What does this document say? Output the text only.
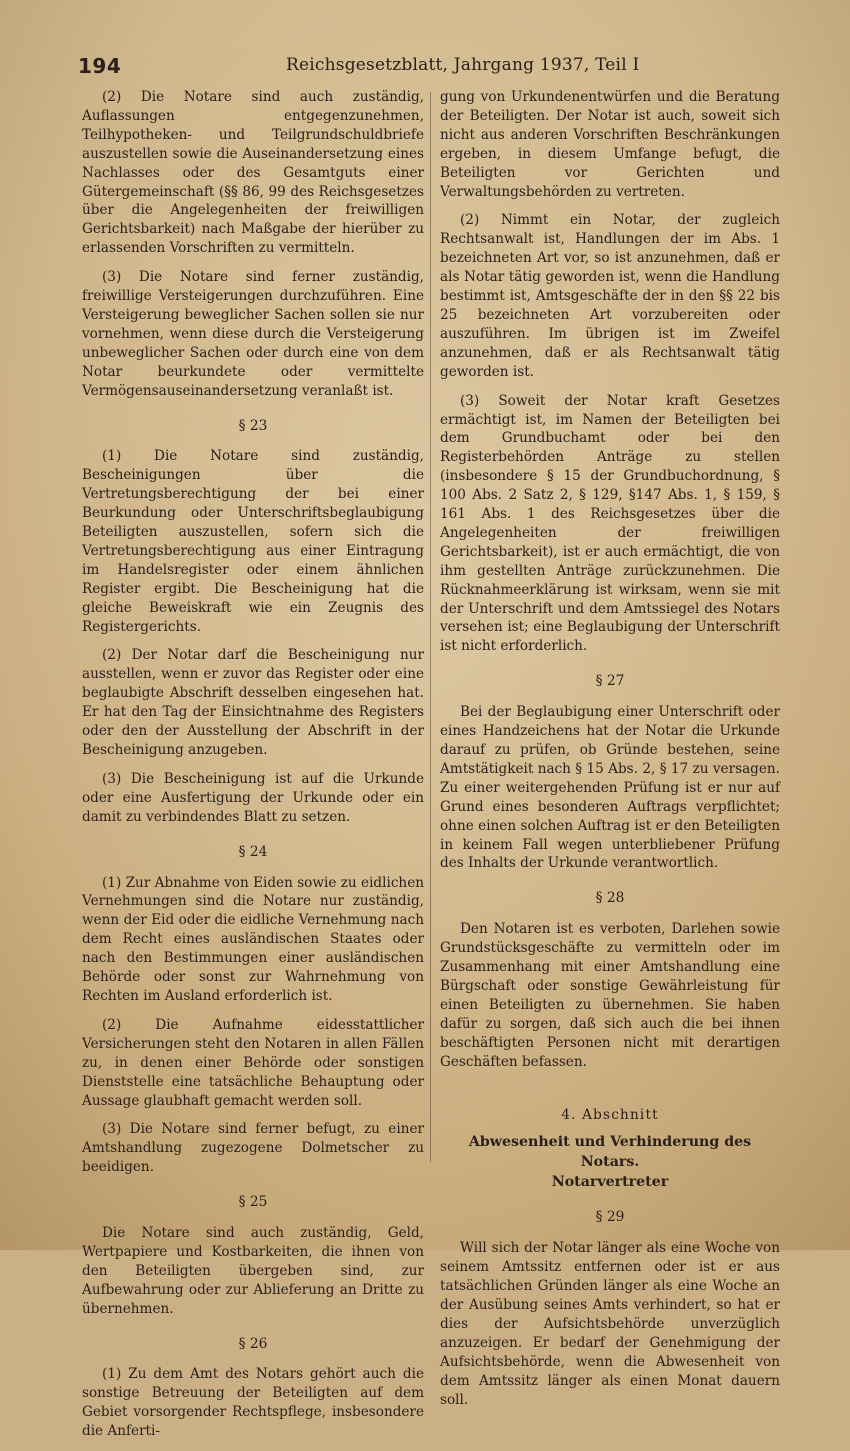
194	Reichsgesetzblatt, Jahrgang 1937, Teil I

(2) Die Notare sind auch zuständig, Auflassungen entgegenzunehmen, Teilhypotheken- und Teilgrundschuldbriefe auszustellen sowie die Auseinandersetzung eines Nachlasses oder des Gesamtguts einer Gütergemeinschaft (§§ 86, 99 des Reichsgesetzes über die Angelegenheiten der freiwilligen Gerichtsbarkeit) nach Maßgabe der hierüber zu erlassenden Vorschriften zu vermitteln.

(3) Die Notare sind ferner zuständig, freiwillige Versteigerungen durchzuführen. Eine Versteigerung beweglicher Sachen sollen sie nur vornehmen, wenn diese durch die Versteigerung unbeweglicher Sachen oder durch eine von dem Notar beurkundete oder vermittelte Vermögensauseinandersetzung veranlaßt ist.

§ 23

(1) Die Notare sind zuständig, Bescheinigungen über die Vertretungsberechtigung der bei einer Beurkundung oder Unterschriftsbeglaubigung Beteiligten auszustellen, sofern sich die Vertretungsberechtigung aus einer Eintragung im Handelsregister oder einem ähnlichen Register ergibt. Die Bescheinigung hat die gleiche Beweiskraft wie ein Zeugnis des Registergerichts.

(2) Der Notar darf die Bescheinigung nur ausstellen, wenn er zuvor das Register oder eine beglaubigte Abschrift desselben eingesehen hat. Er hat den Tag der Einsichtnahme des Registers oder den der Ausstellung der Abschrift in der Bescheinigung anzugeben.

(3) Die Bescheinigung ist auf die Urkunde oder eine Ausfertigung der Urkunde oder ein damit zu verbindendes Blatt zu setzen.

§ 24

(1) Zur Abnahme von Eiden sowie zu eidlichen Vernehmungen sind die Notare nur zuständig, wenn der Eid oder die eidliche Vernehmung nach dem Recht eines ausländischen Staates oder nach den Bestimmungen einer ausländischen Behörde oder sonst zur Wahrnehmung von Rechten im Ausland erforderlich ist.

(2) Die Aufnahme eidesstattlicher Versicherungen steht den Notaren in allen Fällen zu, in denen einer Behörde oder sonstigen Dienststelle eine tatsächliche Behauptung oder Aussage glaubhaft gemacht werden soll.

(3) Die Notare sind ferner befugt, zu einer Amtshandlung zugezogene Dolmetscher zu beeidigen.

§ 25

Die Notare sind auch zuständig, Geld, Wertpapiere und Kostbarkeiten, die ihnen von den Beteiligten übergeben sind, zur Aufbewahrung oder zur Ablieferung an Dritte zu übernehmen.

§ 26

(1) Zu dem Amt des Notars gehört auch die sonstige Betreuung der Beteiligten auf dem Gebiet vorsorgender Rechtspflege, insbesondere die Anferti-

gung von Urkundenentwürfen und die Beratung der Beteiligten. Der Notar ist auch, soweit sich nicht aus anderen Vorschriften Beschränkungen ergeben, in diesem Umfange befugt, die Beteiligten vor Gerichten und Verwaltungsbehörden zu vertreten.

(2) Nimmt ein Notar, der zugleich Rechtsanwalt ist, Handlungen der im Abs. 1 bezeichneten Art vor, so ist anzunehmen, daß er als Notar tätig geworden ist, wenn die Handlung bestimmt ist, Amtsgeschäfte der in den §§ 22 bis 25 bezeichneten Art vorzubereiten oder auszuführen. Im übrigen ist im Zweifel anzunehmen, daß er als Rechtsanwalt tätig geworden ist.

(3) Soweit der Notar kraft Gesetzes ermächtigt ist, im Namen der Beteiligten bei dem Grundbuchamt oder bei den Registerbehörden Anträge zu stellen (insbesondere § 15 der Grundbuchordnung, § 100 Abs. 2 Satz 2, § 129, §147 Abs. 1, § 159, § 161 Abs. 1 des Reichsgesetzes über die Angelegenheiten der freiwilligen Gerichtsbarkeit), ist er auch ermächtigt, die von ihm gestellten Anträge zurückzunehmen. Die Rücknahmeerklärung ist wirksam, wenn sie mit der Unterschrift und dem Amtssiegel des Notars versehen ist; eine Beglaubigung der Unterschrift ist nicht erforderlich.

§ 27

Bei der Beglaubigung einer Unterschrift oder eines Handzeichens hat der Notar die Urkunde darauf zu prüfen, ob Gründe bestehen, seine Amtstätigkeit nach § 15 Abs. 2, § 17 zu versagen. Zu einer weitergehenden Prüfung ist er nur auf Grund eines besonderen Auftrags verpflichtet; ohne einen solchen Auftrag ist er den Beteiligten in keinem Fall wegen unterbliebener Prüfung des Inhalts der Urkunde verantwortlich.

§ 28

Den Notaren ist es verboten, Darlehen sowie Grundstücksgeschäfte zu vermitteln oder im Zusammenhang mit einer Amtshandlung eine Bürgschaft oder sonstige Gewährleistung für einen Beteiligten zu übernehmen. Sie haben dafür zu sorgen, daß sich auch die bei ihnen beschäftigten Personen nicht mit derartigen Geschäften befassen.

4. Abschnitt
Abwesenheit und Verhinderung des Notars.
Notarvertreter
§ 29

Will sich der Notar länger als eine Woche von seinem Amtssitz entfernen oder ist er aus tatsächlichen Gründen länger als eine Woche an der Ausübung seines Amts verhindert, so hat er dies der Aufsichtsbehörde unverzüglich anzuzeigen. Er bedarf der Genehmigung der Aufsichtsbehörde, wenn die Abwesenheit von dem Amtssitz länger als einen Monat dauern soll.
